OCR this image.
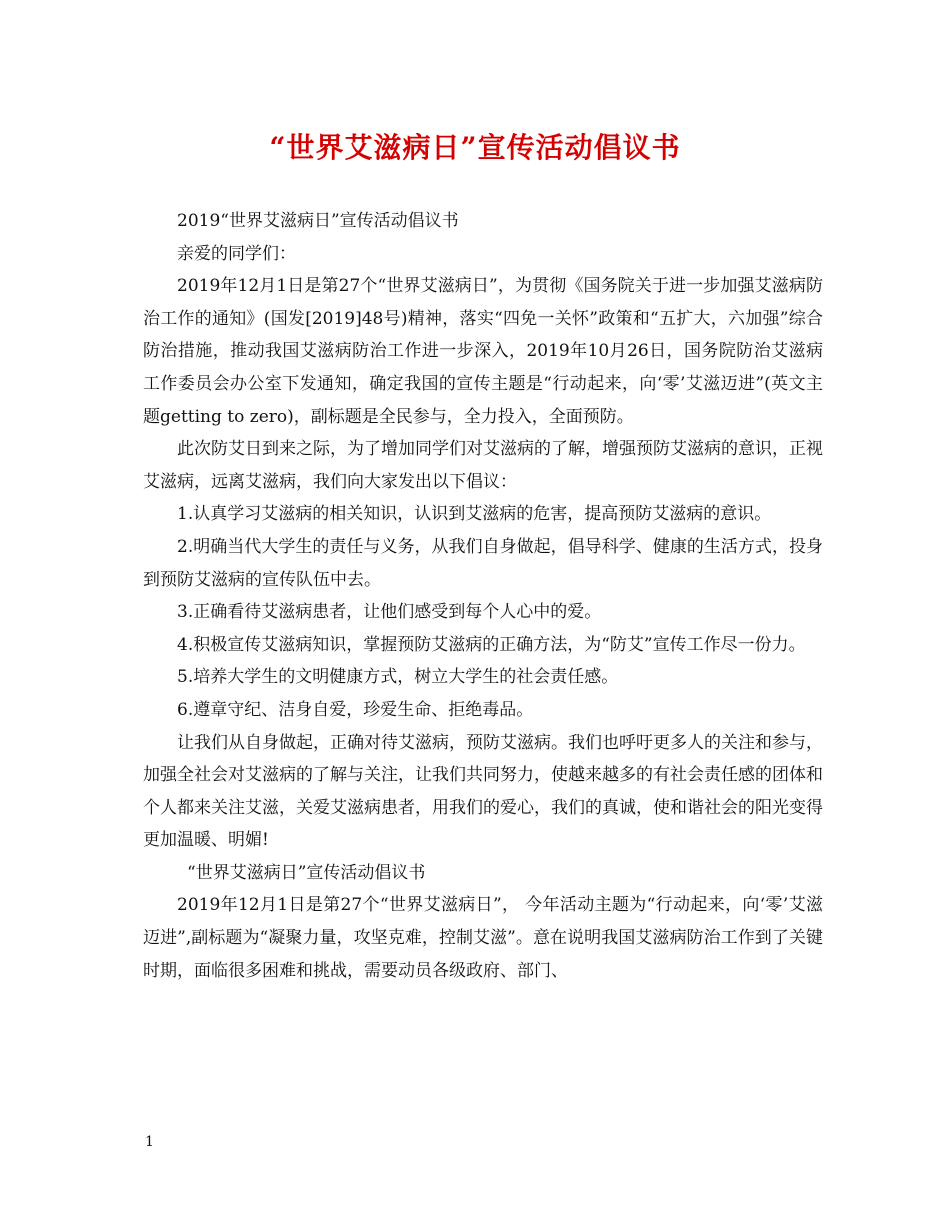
“世界艾滋病日”宣传活动倡议书

2019“世界艾滋病日”宣传活动倡议书

亲爱的同学们：

2019年12月1日是第27个“世界艾滋病日”，为贯彻《国务院关于进一步加强艾滋病防治工作的通知》(国发[2019]48号)精神，落实“四免一关怀”政策和“五扩大，六加强”综合防治措施，推动我国艾滋病防治工作进一步深入，2019年10月26日，国务院防治艾滋病工作委员会办公室下发通知，确定我国的宣传主题是“行动起来，向‘零’艾滋迈进”(英文主题getting to zero)，副标题是全民参与，全力投入，全面预防。

此次防艾日到来之际，为了增加同学们对艾滋病的了解，增强预防艾滋病的意识，正视艾滋病，远离艾滋病，我们向大家发出以下倡议：

1.认真学习艾滋病的相关知识，认识到艾滋病的危害，提高预防艾滋病的意识。

2.明确当代大学生的责任与义务，从我们自身做起，倡导科学、健康的生活方式，投身到预防艾滋病的宣传队伍中去。

3.正确看待艾滋病患者，让他们感受到每个人心中的爱。

4.积极宣传艾滋病知识，掌握预防艾滋病的正确方法，为“防艾”宣传工作尽一份力。

5.培养大学生的文明健康方式，树立大学生的社会责任感。

6.遵章守纪、洁身自爱，珍爱生命、拒绝毒品。

让我们从自身做起，正确对待艾滋病，预防艾滋病。我们也呼吁更多人的关注和参与，加强全社会对艾滋病的了解与关注，让我们共同努力，使越来越多的有社会责任感的团体和个人都来关注艾滋，关爱艾滋病患者，用我们的爱心，我们的真诚，使和谐社会的阳光变得更加温暖、明媚!

“世界艾滋病日”宣传活动倡议书

2019年12月1日是第27个“世界艾滋病日”， 今年活动主题为“行动起来，向‘零’艾滋迈进”,副标题为“凝聚力量，攻坚克难，控制艾滋”。意在说明我国艾滋病防治工作到了关键时期，面临很多困难和挑战，需要动员各级政府、部门、

1
